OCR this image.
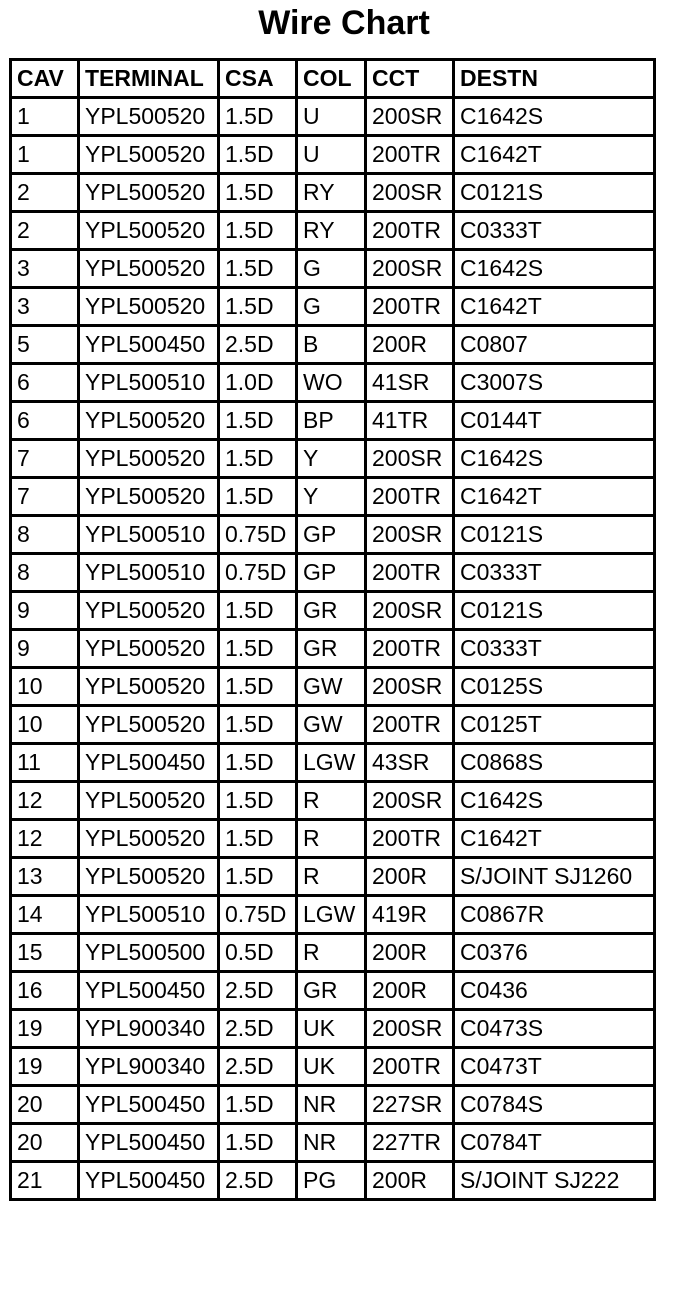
Wire Chart
CAV	TERMINAL	CSA	COL	CCT	DESTN
1	YPL500520	1.5D	U	200SR	C1642S
1	YPL500520	1.5D	U	200TR	C1642T
2	YPL500520	1.5D	RY	200SR	C0121S
2	YPL500520	1.5D	RY	200TR	C0333T
3	YPL500520	1.5D	G	200SR	C1642S
3	YPL500520	1.5D	G	200TR	C1642T
5	YPL500450	2.5D	B	200R	C0807
6	YPL500510	1.0D	WO	41SR	C3007S
6	YPL500520	1.5D	BP	41TR	C0144T
7	YPL500520	1.5D	Y	200SR	C1642S
7	YPL500520	1.5D	Y	200TR	C1642T
8	YPL500510	0.75D	GP	200SR	C0121S
8	YPL500510	0.75D	GP	200TR	C0333T
9	YPL500520	1.5D	GR	200SR	C0121S
9	YPL500520	1.5D	GR	200TR	C0333T
10	YPL500520	1.5D	GW	200SR	C0125S
10	YPL500520	1.5D	GW	200TR	C0125T
11	YPL500450	1.5D	LGW	43SR	C0868S
12	YPL500520	1.5D	R	200SR	C1642S
12	YPL500520	1.5D	R	200TR	C1642T
13	YPL500520	1.5D	R	200R	S/JOINT SJ1260
14	YPL500510	0.75D	LGW	419R	C0867R
15	YPL500500	0.5D	R	200R	C0376
16	YPL500450	2.5D	GR	200R	C0436
19	YPL900340	2.5D	UK	200SR	C0473S
19	YPL900340	2.5D	UK	200TR	C0473T
20	YPL500450	1.5D	NR	227SR	C0784S
20	YPL500450	1.5D	NR	227TR	C0784T
21	YPL500450	2.5D	PG	200R	S/JOINT SJ222
